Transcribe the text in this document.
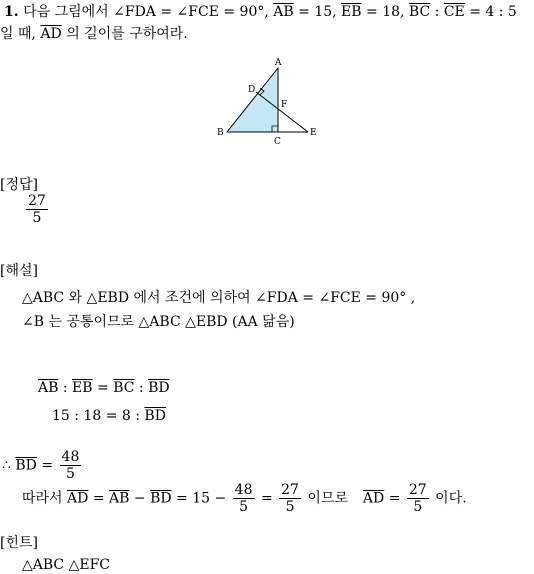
1. 다음 그림에서 ∠FDA = ∠FCE = 90°, $\overline{AB} = 15$, $\overline{EB} = 18$, $\overline{BC}$ : $\overline{CE} = 4$ : 5
일 때, $\overline{AD}$ 의 길이를 구하여라.
A
B
C
D
E
F
[정답]
$\frac{27}{5}$
[해설]
△ABC 와 △EBD 에서 조건에 의하여 ∠FDA = ∠FCE = 90° ,
∠B 는 공통이므로 △ABC △EBD (AA 닮음)
$\overline{AB}$ : $\overline{EB} = \overline{BC}$ : $\overline{BD}$
15 : 18 = 8 : $\overline{BD}$
∴ $\overline{BD} = \frac{48}{5}$
따라서 $\overline{AD} = \overline{AB} - \overline{BD} = 15 - \frac{48}{5} = \frac{27}{5}$ 이므로 $\overline{AD} = \frac{27}{5}$ 이다.
[힌트]
△ABC △EFC
